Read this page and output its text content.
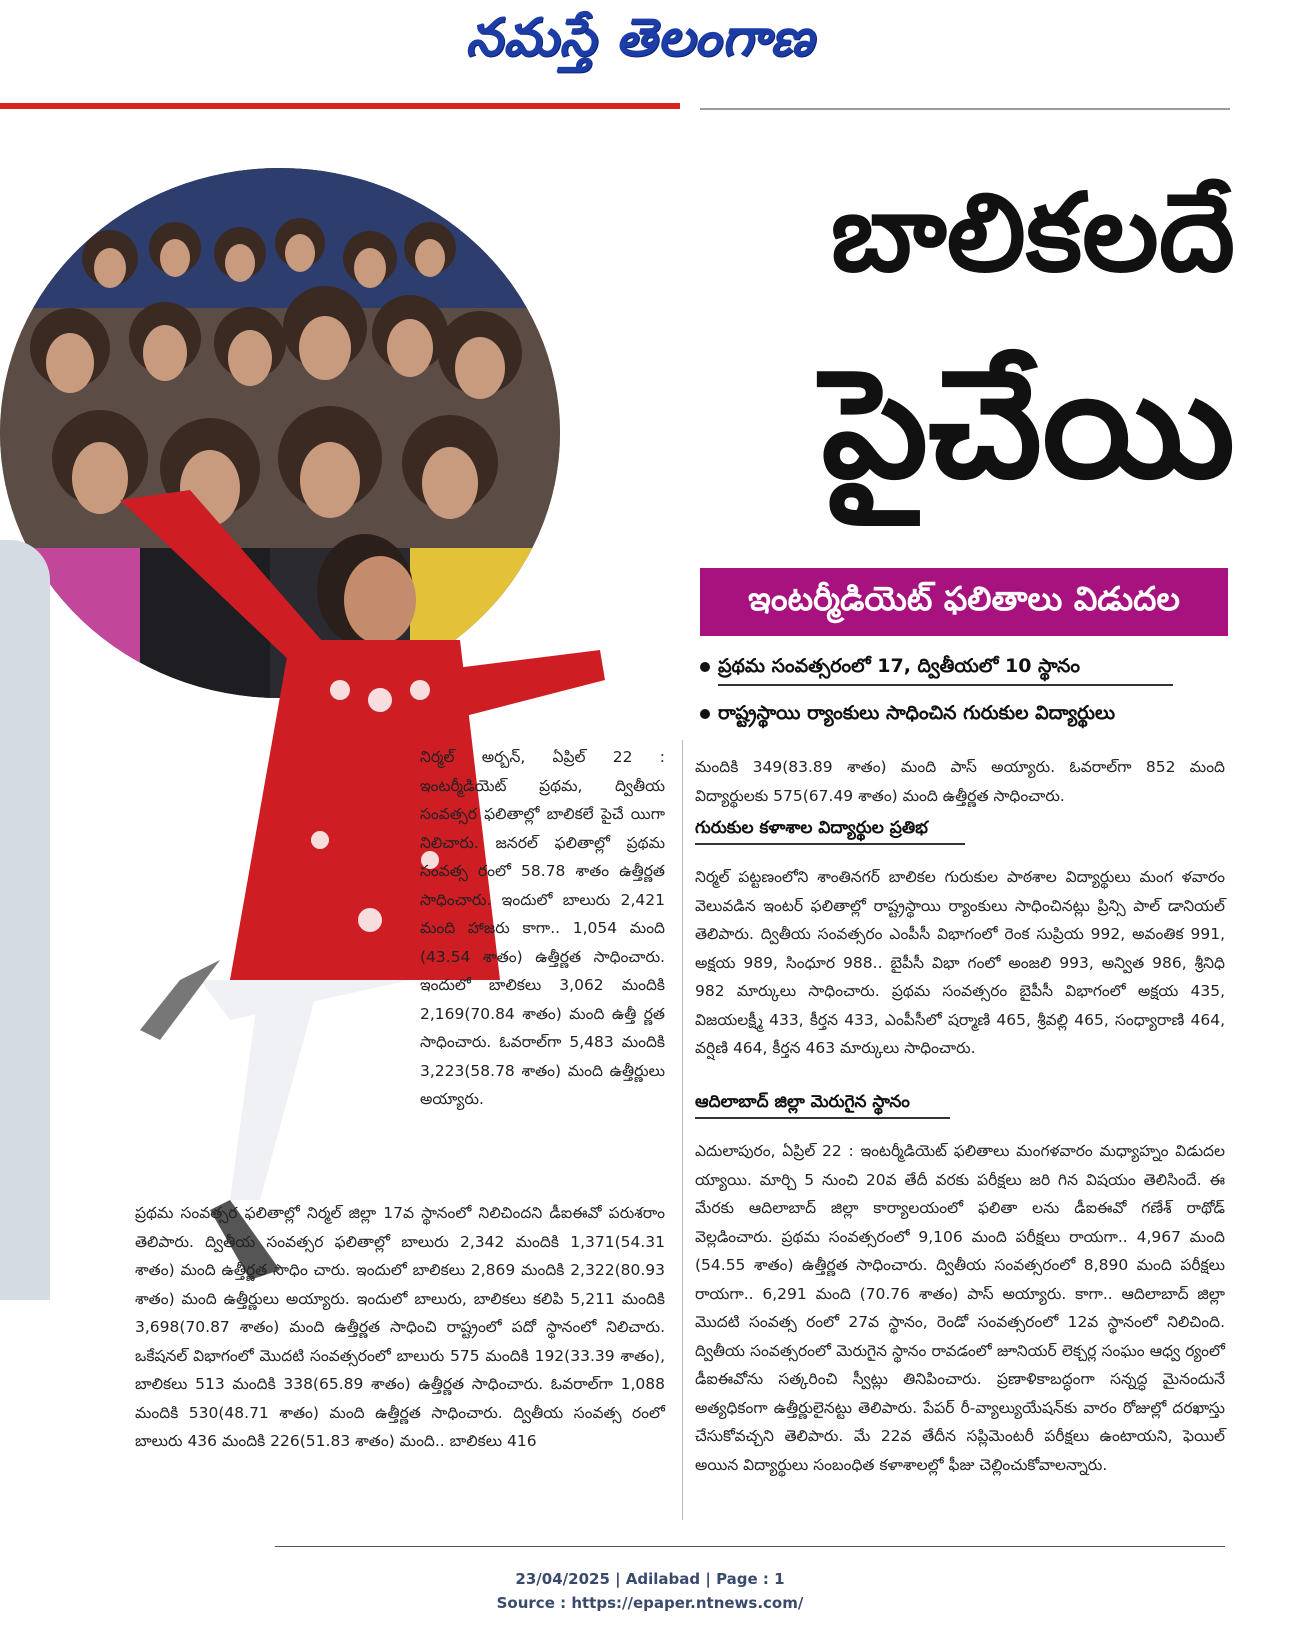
నమస్తే తెలంగాణ
బాలికలదే
పైచేయి
ఇంటర్మీడియెట్ ఫలితాలు విడుదల
ప్రథమ సంవత్సరంలో 17, ద్వితీయలో 10 స్థానం
రాష్ట్రస్థాయి ర్యాంకులు సాధించిన గురుకుల విద్యార్థులు
నిర్మల్ అర్బన్, ఏప్రిల్ 22 : ఇంటర్మీడియెట్ ప్రథమ, ద్వితీయ సంవత్సర ఫలితాల్లో బాలికలే పైచే యిగా నిలిచారు. జనరల్ ఫలితాల్లో ప్రథమ సంవత్స రంలో 58.78 శాతం ఉత్తీర్ణత సాధించారు. ఇందులో బాలురు 2,421 మంది హాజరు కాగా.. 1,054 మంది (43.54 శాతం) ఉత్తీర్ణత సాధించారు. ఇందులో బాలికలు 3,062 మందికి 2,169(70.84 శాతం) మంది ఉత్తీ ర్ణత సాధించారు. ఓవరాల్‌గా 5,483 మందికి 3,223(58.78 శాతం) మంది ఉత్తీర్ణులు అయ్యారు.
ప్రథమ సంవత్సర ఫలితాల్లో నిర్మల్ జిల్లా 17వ స్థానంలో నిలిచిందని డీఐఈవో పరుశరాం తెలిపారు. ద్వితీయ సంవత్సర ఫలితాల్లో బాలురు 2,342 మందికి 1,371(54.31 శాతం) మంది ఉత్తీర్ణత సాధిం చారు. ఇందులో బాలికలు 2,869 మందికి 2,322(80.93 శాతం) మంది ఉత్తీర్ణులు అయ్యారు. ఇందులో బాలురు, బాలికలు కలిపి 5,211 మందికి 3,698(70.87 శాతం) మంది ఉత్తీర్ణత సాధించి రాష్ట్రంలో పదో స్థానంలో నిలిచారు. ఒకేషనల్ విభాగంలో మొదటి సంవత్సరంలో బాలురు 575 మందికి 192(33.39 శాతం), బాలికలు 513 మందికి 338(65.89 శాతం) ఉత్తీర్ణత సాధించారు. ఓవరాల్‌గా 1,088 మందికి 530(48.71 శాతం) మంది ఉత్తీర్ణత సాధించారు. ద్వితీయ సంవత్స రంలో బాలురు 436 మందికి 226(51.83 శాతం) మంది.. బాలికలు 416
మందికి 349(83.89 శాతం) మంది పాస్ అయ్యారు. ఓవరాల్‌గా 852 మంది విద్యార్థులకు 575(67.49 శాతం) మంది ఉత్తీర్ణత సాధించారు.
గురుకుల కళాశాల విద్యార్థుల ప్రతిభ
నిర్మల్ పట్టణంలోని శాంతినగర్ బాలికల గురుకుల పాఠశాల విద్యార్థులు మంగ ళవారం వెలువడిన ఇంటర్ ఫలితాల్లో రాష్ట్రస్థాయి ర్యాంకులు సాధించినట్లు ప్రిన్సి పాల్ డానియల్ తెలిపారు. ద్వితీయ సంవత్సరం ఎంపీసీ విభాగంలో రెంక సుప్రియ 992, అవంతిక 991, అక్షయ 989, సింధూర 988.. బైపీసీ విభా గంలో అంజలి 993, అన్విత 986, శ్రీనిధి 982 మార్కులు సాధించారు. ప్రథమ సంవత్సరం బైపీసీ విభాగంలో అక్షయ 435, విజయలక్ష్మీ 433, కీర్తన 433, ఎంపీసీలో షర్మాణి 465, శ్రీవల్లి 465, సంధ్యారాణి 464, వర్షిణి 464, కీర్తన 463 మార్కులు సాధించారు.
ఆదిలాబాద్ జిల్లా మెరుగైన స్థానం
ఎదులాపురం, ఏప్రిల్ 22 : ఇంటర్మీడియెట్ ఫలితాలు మంగళవారం మధ్యాహ్నం విడుదల య్యాయి. మార్చి 5 నుంచి 20వ తేదీ వరకు పరీక్షలు జరి గిన విషయం తెలిసిందే. ఈ మేరకు ఆదిలాబాద్ జిల్లా కార్యాలయంలో ఫలితా లను డీఐఈవో గణేశ్ రాథోడ్ వెల్లడించారు. ప్రథమ సంవత్సరంలో 9,106 మంది పరీక్షలు రాయగా.. 4,967 మంది (54.55 శాతం) ఉత్తీర్ణత సాధించారు. ద్వితీయ సంవత్సరంలో 8,890 మంది పరీక్షలు రాయగా.. 6,291 మంది (70.76 శాతం) పాస్ అయ్యారు. కాగా.. ఆదిలాబాద్ జిల్లా మొదటి సంవత్స రంలో 27వ స్థానం, రెండో సంవత్సరంలో 12వ స్థానంలో నిలిచింది. ద్వితీయ సంవత్సరంలో మెరుగైన స్థానం రావడంలో జూనియర్ లెక్చర్ల సంఘం ఆధ్వ ర్యంలో డీఐఈవోను సత్కరించి స్వీట్లు తినిపించారు. ప్రణాళికాబద్ధంగా సన్నద్ధ మైనందునే అత్యధికంగా ఉత్తీర్ణులైనట్టు తెలిపారు. పేపర్ రీ-వ్యాల్యుయేషన్‌కు వారం రోజుల్లో దరఖాస్తు చేసుకోవచ్చని తెలిపారు. మే 22వ తేదీన సప్లిమెంటరీ పరీక్షలు ఉంటాయని, ఫెయిల్ అయిన విద్యార్థులు సంబంధిత కళాశాలల్లో ఫీజు చెల్లించుకోవాలన్నారు.
23/04/2025 | Adilabad | Page : 1
Source : https://epaper.ntnews.com/
